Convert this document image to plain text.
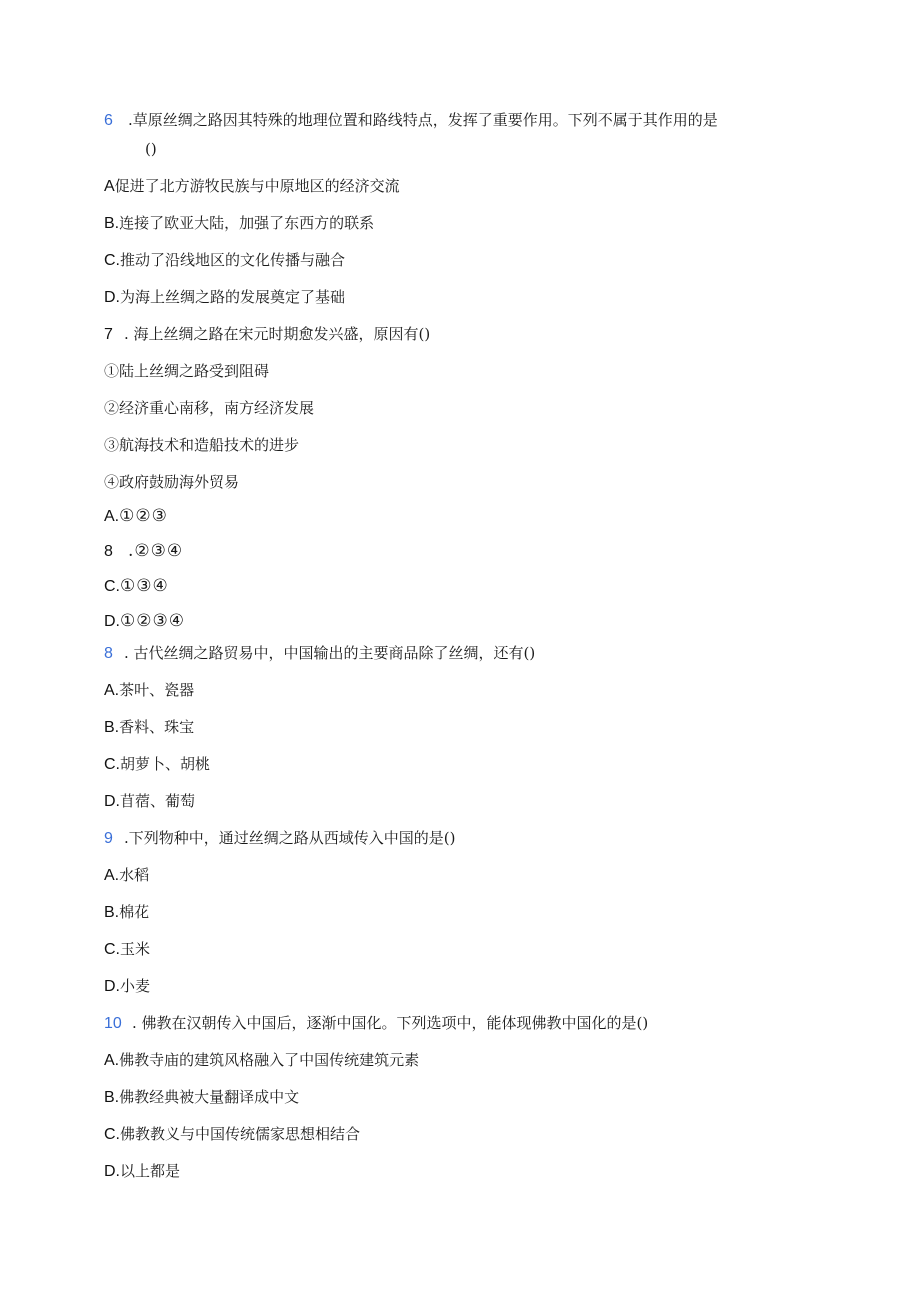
6 .草原丝绸之路因其特殊的地理位置和路线特点，发挥了重要作用。下列不属于其作用的是
()
A促进了北方游牧民族与中原地区的经济交流
B.连接了欧亚大陆，加强了东西方的联系
C.推动了沿线地区的文化传播与融合
D.为海上丝绸之路的发展奠定了基础
7 . 海上丝绸之路在宋元时期愈发兴盛，原因有()
①陆上丝绸之路受到阻碍
②经济重心南移，南方经济发展
③航海技术和造船技术的进步
④政府鼓励海外贸易
A.①②③
8 .②③④
C.①③④
D.①②③④
8 . 古代丝绸之路贸易中，中国输出的主要商品除了丝绸，还有()
A.茶叶、瓷器
B.香料、珠宝
C.胡萝卜、胡桃
D.苜蓿、葡萄
9 .下列物种中，通过丝绸之路从西域传入中国的是()
A.水稻
B.棉花
C.玉米
D.小麦
10 . 佛教在汉朝传入中国后，逐渐中国化。下列选项中，能体现佛教中国化的是()
A.佛教寺庙的建筑风格融入了中国传统建筑元素
B.佛教经典被大量翻译成中文
C.佛教教义与中国传统儒家思想相结合
D.以上都是
